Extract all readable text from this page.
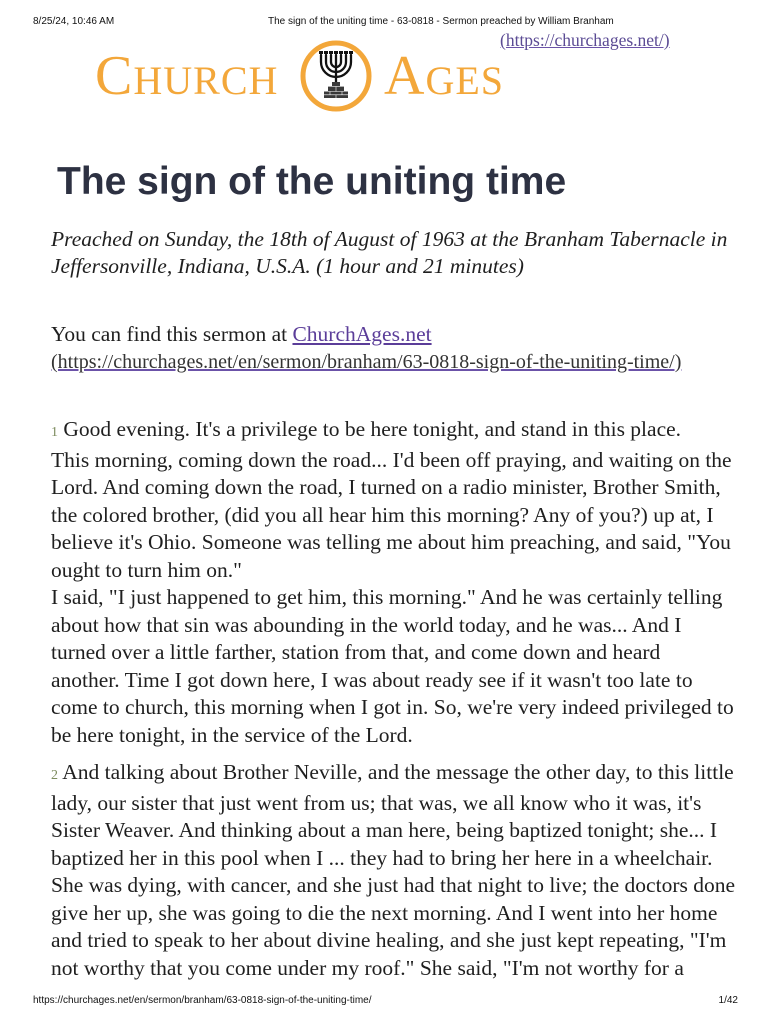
8/25/24, 10:46 AM	The sign of the uniting time - 63-0818 - Sermon preached by William Branham
(https://churchages.net/)
CHURCH	AGES
The sign of the uniting time
Preached on Sunday, the 18th of August of 1963 at the Branham Tabernacle in
Jeffersonville, Indiana, U.S.A. (1 hour and 21 minutes)
You can find this sermon at ChurchAges.net
(https://churchages.net/en/sermon/branham/63-0818-sign-of-the-uniting-time/)
1 Good evening. It's a privilege to be here tonight, and stand in this place.
This morning, coming down the road... I'd been off praying, and waiting on the
Lord. And coming down the road, I turned on a radio minister, Brother Smith,
the colored brother, (did you all hear him this morning? Any of you?) up at, I
believe it's Ohio. Someone was telling me about him preaching, and said, "You
ought to turn him on."
I said, "I just happened to get him, this morning." And he was certainly telling
about how that sin was abounding in the world today, and he was... And I
turned over a little farther, station from that, and come down and heard
another. Time I got down here, I was about ready see if it wasn't too late to
come to church, this morning when I got in. So, we're very indeed privileged to
be here tonight, in the service of the Lord.
2 And talking about Brother Neville, and the message the other day, to this little
lady, our sister that just went from us; that was, we all know who it was, it's
Sister Weaver. And thinking about a man here, being baptized tonight; she... I
baptized her in this pool when I ... they had to bring her here in a wheelchair.
She was dying, with cancer, and she just had that night to live; the doctors done
give her up, she was going to die the next morning. And I went into her home
and tried to speak to her about divine healing, and she just kept repeating, "I'm
not worthy that you come under my roof." She said, "I'm not worthy for a
https://churchages.net/en/sermon/branham/63-0818-sign-of-the-uniting-time/	1/42
